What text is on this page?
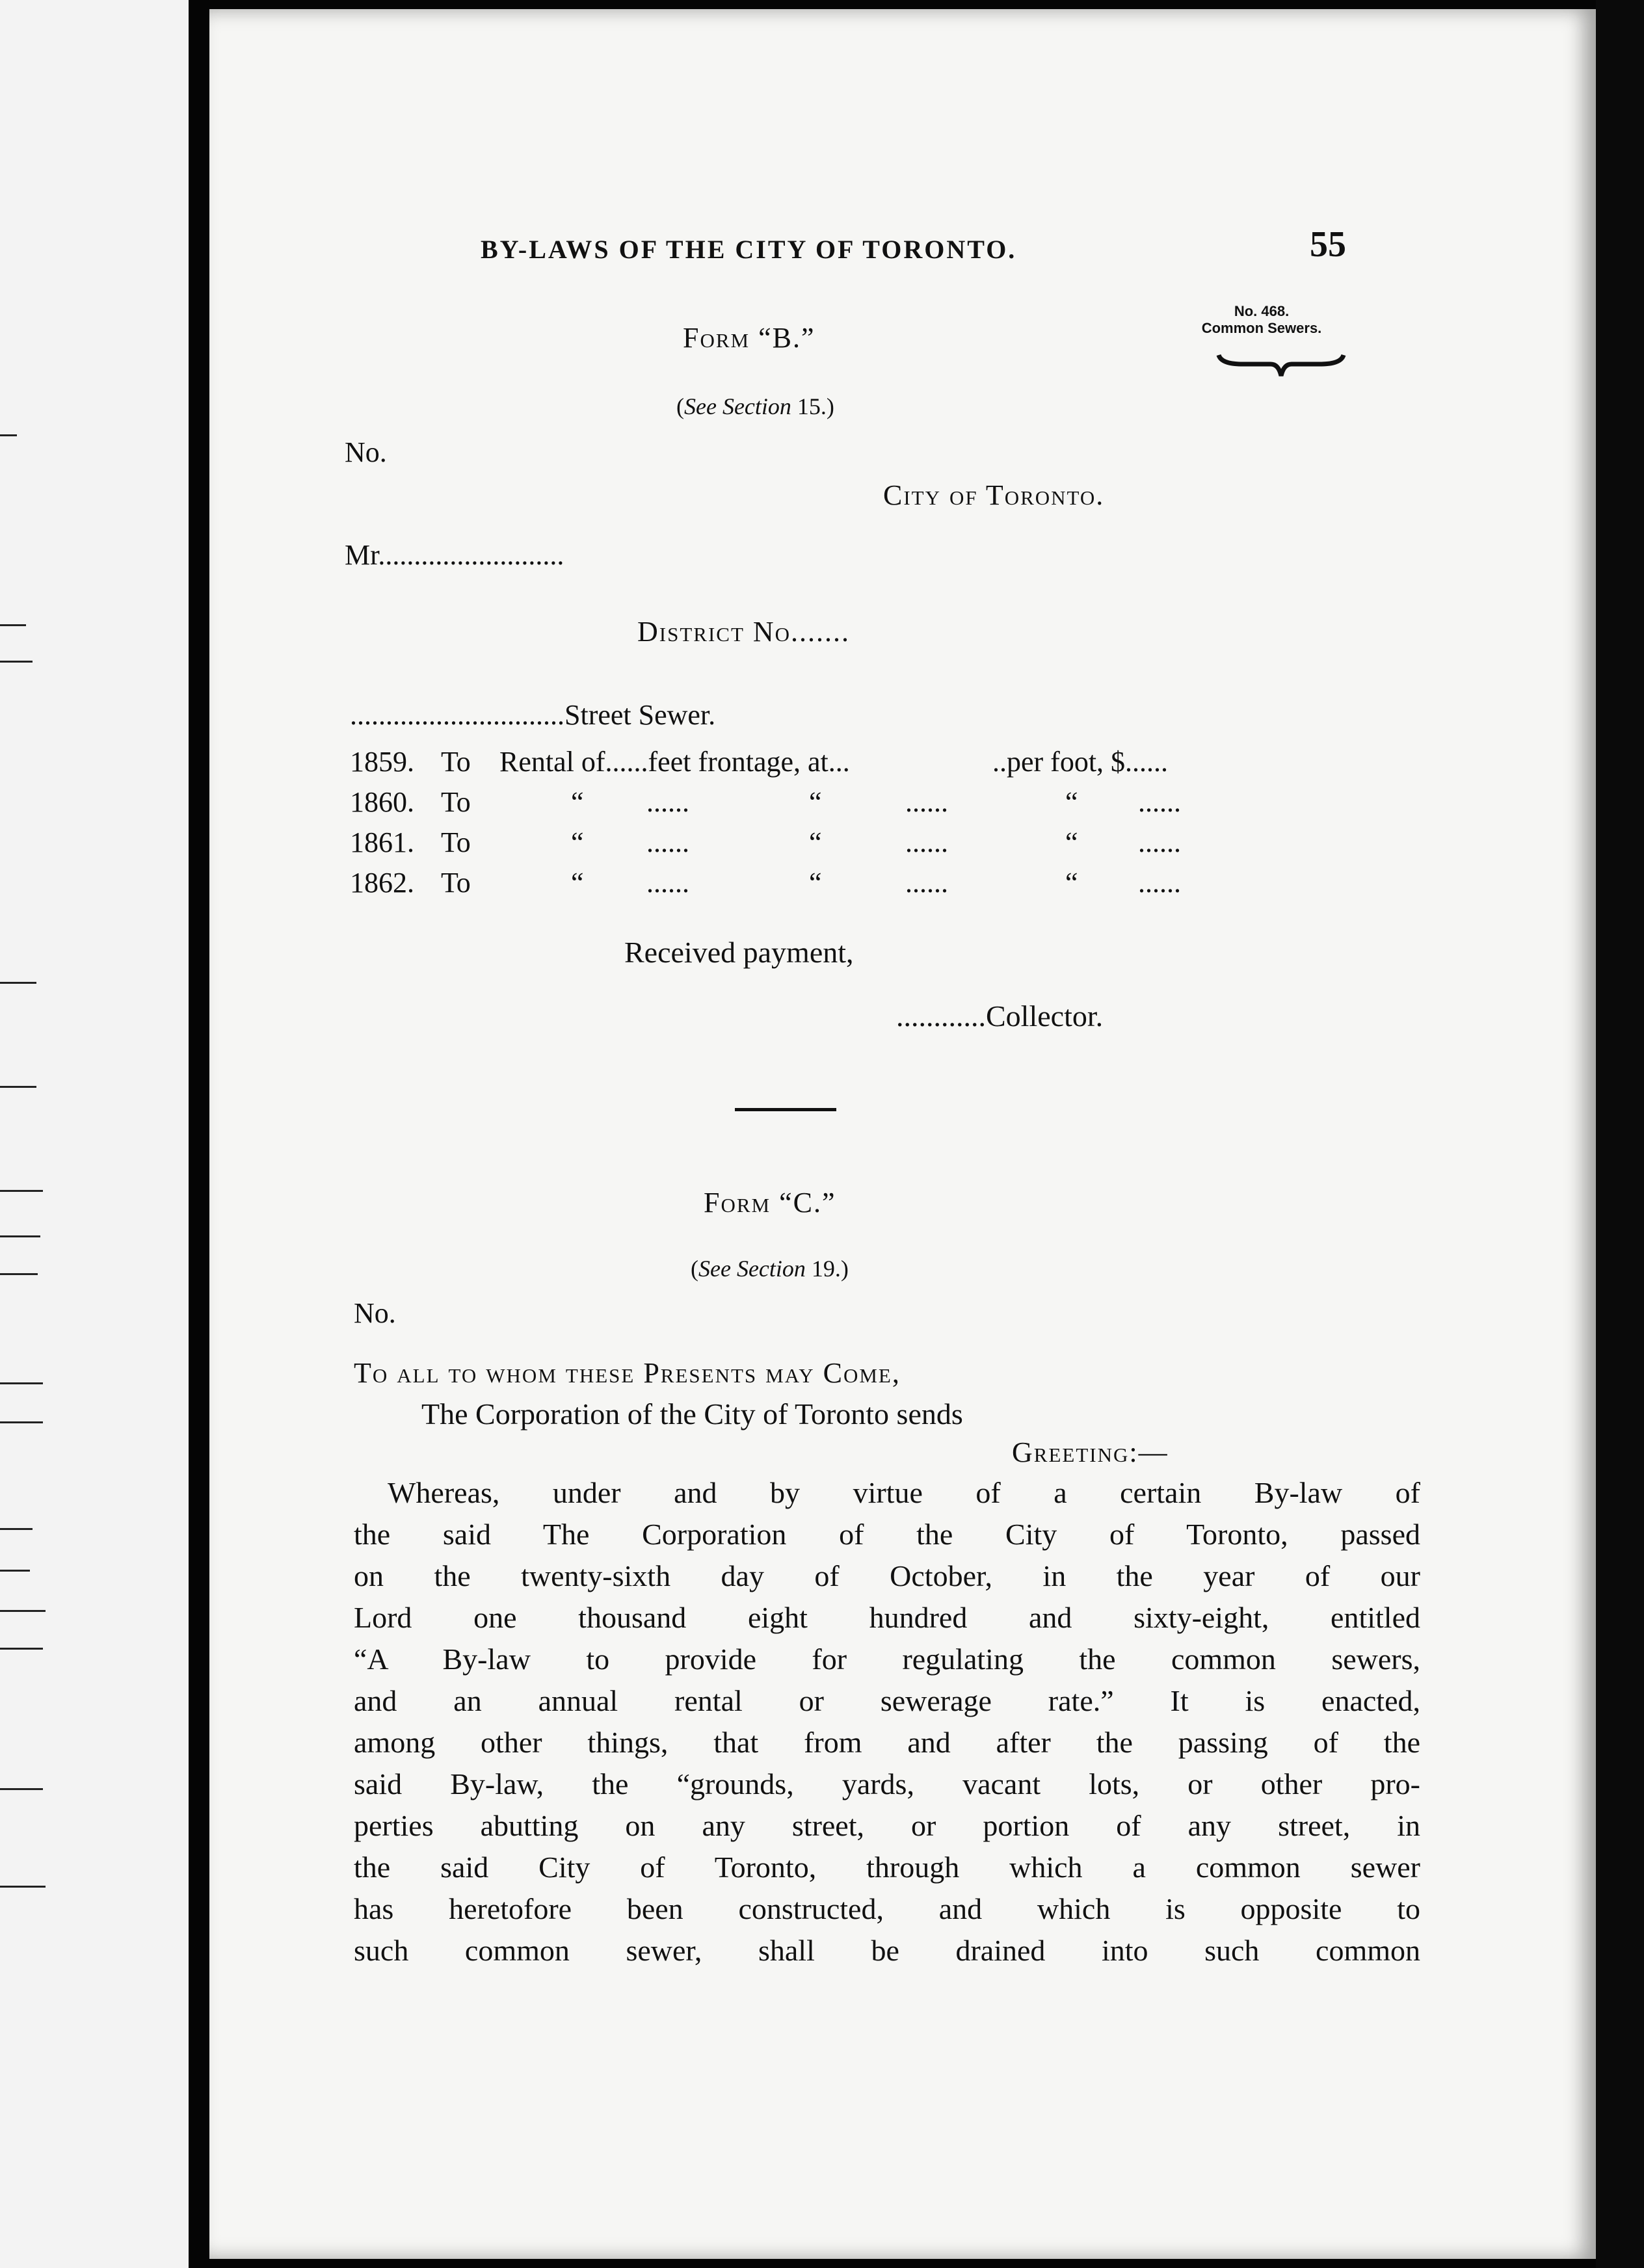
BY-LAWS OF THE CITY OF TORONTO.	55
No. 468.
Common Sewers.
Form “B.”
(See Section 15.)
No.
City of Toronto.
Mr..........................
District No.......
..............................Street Sewer.
1859. To Rental of......feet frontage, at...	..per foot, $......
1860. To	“ ......	“	......	“ ......
1861. To	“ ......	“	......	“ ......
1862. To	“ ......	“	......	“ ......
Received payment,
............Collector.
Form “C.”
(See Section 19.)
No.
To all to whom these Presents may Come,
The Corporation of the City of Toronto sends
Greeting:—
Whereas, under and by virtue of a certain By-law of
the said The Corporation of the City of Toronto, passed
on the twenty-sixth day of October, in the year of our
Lord one thousand eight hundred and sixty-eight, entitled
“A By-law to provide for regulating the common sewers,
and an annual rental or sewerage rate.” It is enacted,
among other things, that from and after the passing of the
said By-law, the “grounds, yards, vacant lots, or other pro-
perties abutting on any street, or portion of any street, in
the said City of Toronto, through which a common sewer
has heretofore been constructed, and which is opposite to
such common sewer, shall be drained into such common
